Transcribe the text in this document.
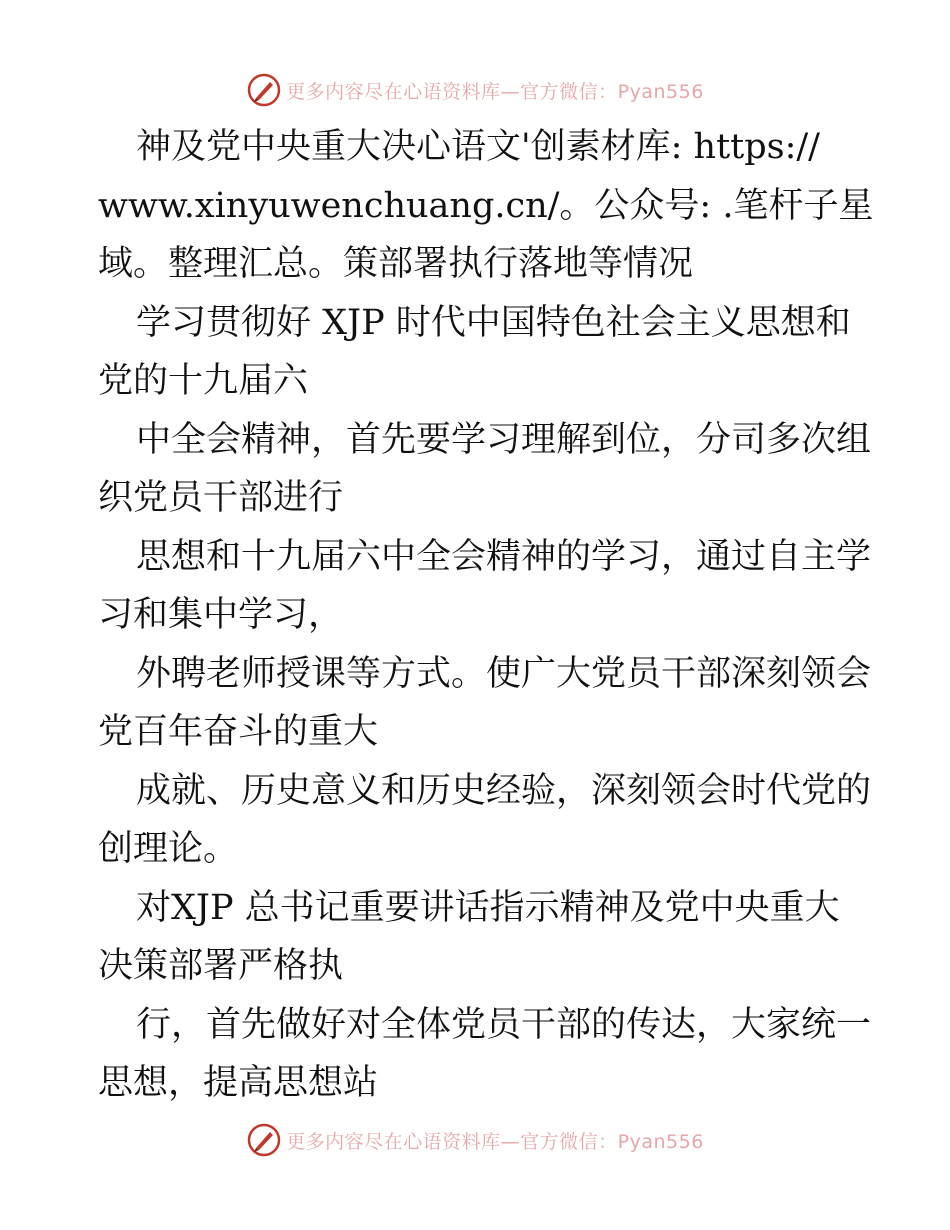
更多内容尽在心语资料库—官方微信：Pyan556
神及党中央重大决心语文'创素材库: https://
www.xinyuwenchuang.cn/。公众号: .笔杆子星
域。整理汇总。策部署执行落地等情况
学习贯彻好 XJP 时代中国特色社会主义思想和
党的十九届六
中全会精神，首先要学习理解到位，分司多次组
织党员干部进行
思想和十九届六中全会精神的学习，通过自主学
习和集中学习，
外聘老师授课等方式。使广大党员干部深刻领会
党百年奋斗的重大
成就、历史意义和历史经验，深刻领会时代党的
创理论。
对XJP 总书记重要讲话指示精神及党中央重大
决策部署严格执
行，首先做好对全体党员干部的传达，大家统一
思想，提高思想站
更多内容尽在心语资料库—官方微信：Pyan556
